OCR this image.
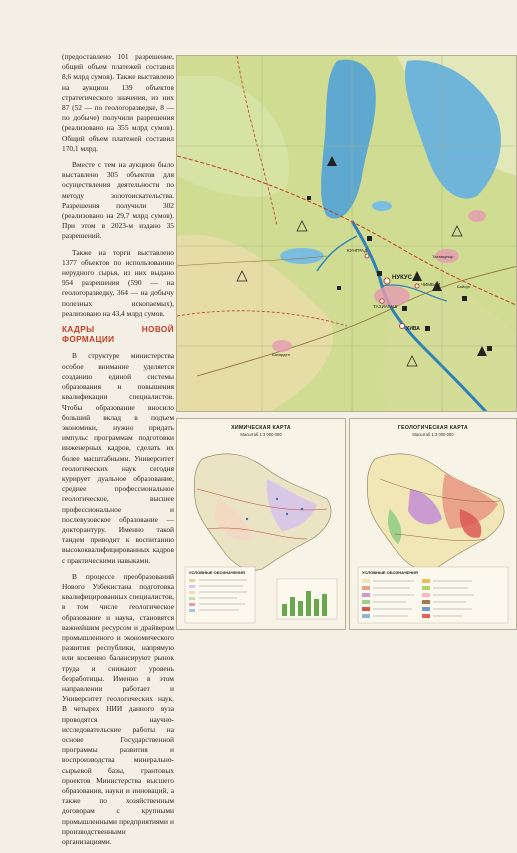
(предоставлено 101 разрешение, общий объем платежей составил 8,6 млрд сумов). Также выставлено на аукцион 139 объектов стратегического значения, из них 87 (52 — по геологоразведке, 8 — по добыче) получили разрешения (реализовано на 355 млрд сумов). Общий объем платежей составил 170,1 млрд.

Вместе с тем на аукцион было выставлено 305 объектов для осуществления деятельности по методу золотоискательства. Разрешения получили 302 (реализовано на 29,7 млрд сумов). При этом в 2023-м издано 35 разрешений.

Также на торги выставлено 1377 объектов по использованию нерудного сырья, из них выдано 954 разрешения (590 — на геологоразведку, 364 — на добычу полезных ископаемых), реализовано на 43,4 млрд сумов.

КАДРЫ НОВОЙ ФОРМАЦИИ

В структуре министерства особое внимание уделяется созданию единой системы образования и повышения квалификации специалистов. Чтобы образование вносило больший вклад в подъем экономики, нужно придать импульс программам подготовки инженерных кадров, сделать их более масштабными. Университет геологических наук сегодня курирует дуальное образование, среднее профессиональное геологическое, высшее профессиональное и послевузовское образование — докторантуру. Именно такой тандем приводит к воспитанию высококвалифицированных кадров с практическими навыками.

В процессе преобразований Нового Узбекистана подготовка квалифицированных специалистов, в том числе геологическое образование и наука, становятся важнейшим ресурсом и драйвером промышленного и экономического развития республики, напрямую или косвенно балансируют рынок труда и снижают уровень безработицы. Именно в этом направлении работает и Университет геологических наук. В четырех НИИ данного вуза проводятся научно-исследовательские работы на основе Государственной программы развития и воспроизводства минерально-сырьевой базы, грантовых проектов Министерства высшего образования, науки и инноваций, а также по хозяйственным договорам с крупными промышленными предприятиями и производственными организациями.

НУКУС
ХИВА
ТАХИАТАШ
КУНГРАД
ЧИМБАЙ
Тахтакупыр
Байсун
Бахарден
ХИМИЧЕСКАЯ КАРТА
Масштаб 1:3 000 000
УСЛОВНЫЕ ОБОЗНАЧЕНИЯ
ГЕОЛОГИЧЕСКАЯ КАРТА
Масштаб 1:3 000 000
УСЛОВНЫЕ ОБОЗНАЧЕНИЯ
